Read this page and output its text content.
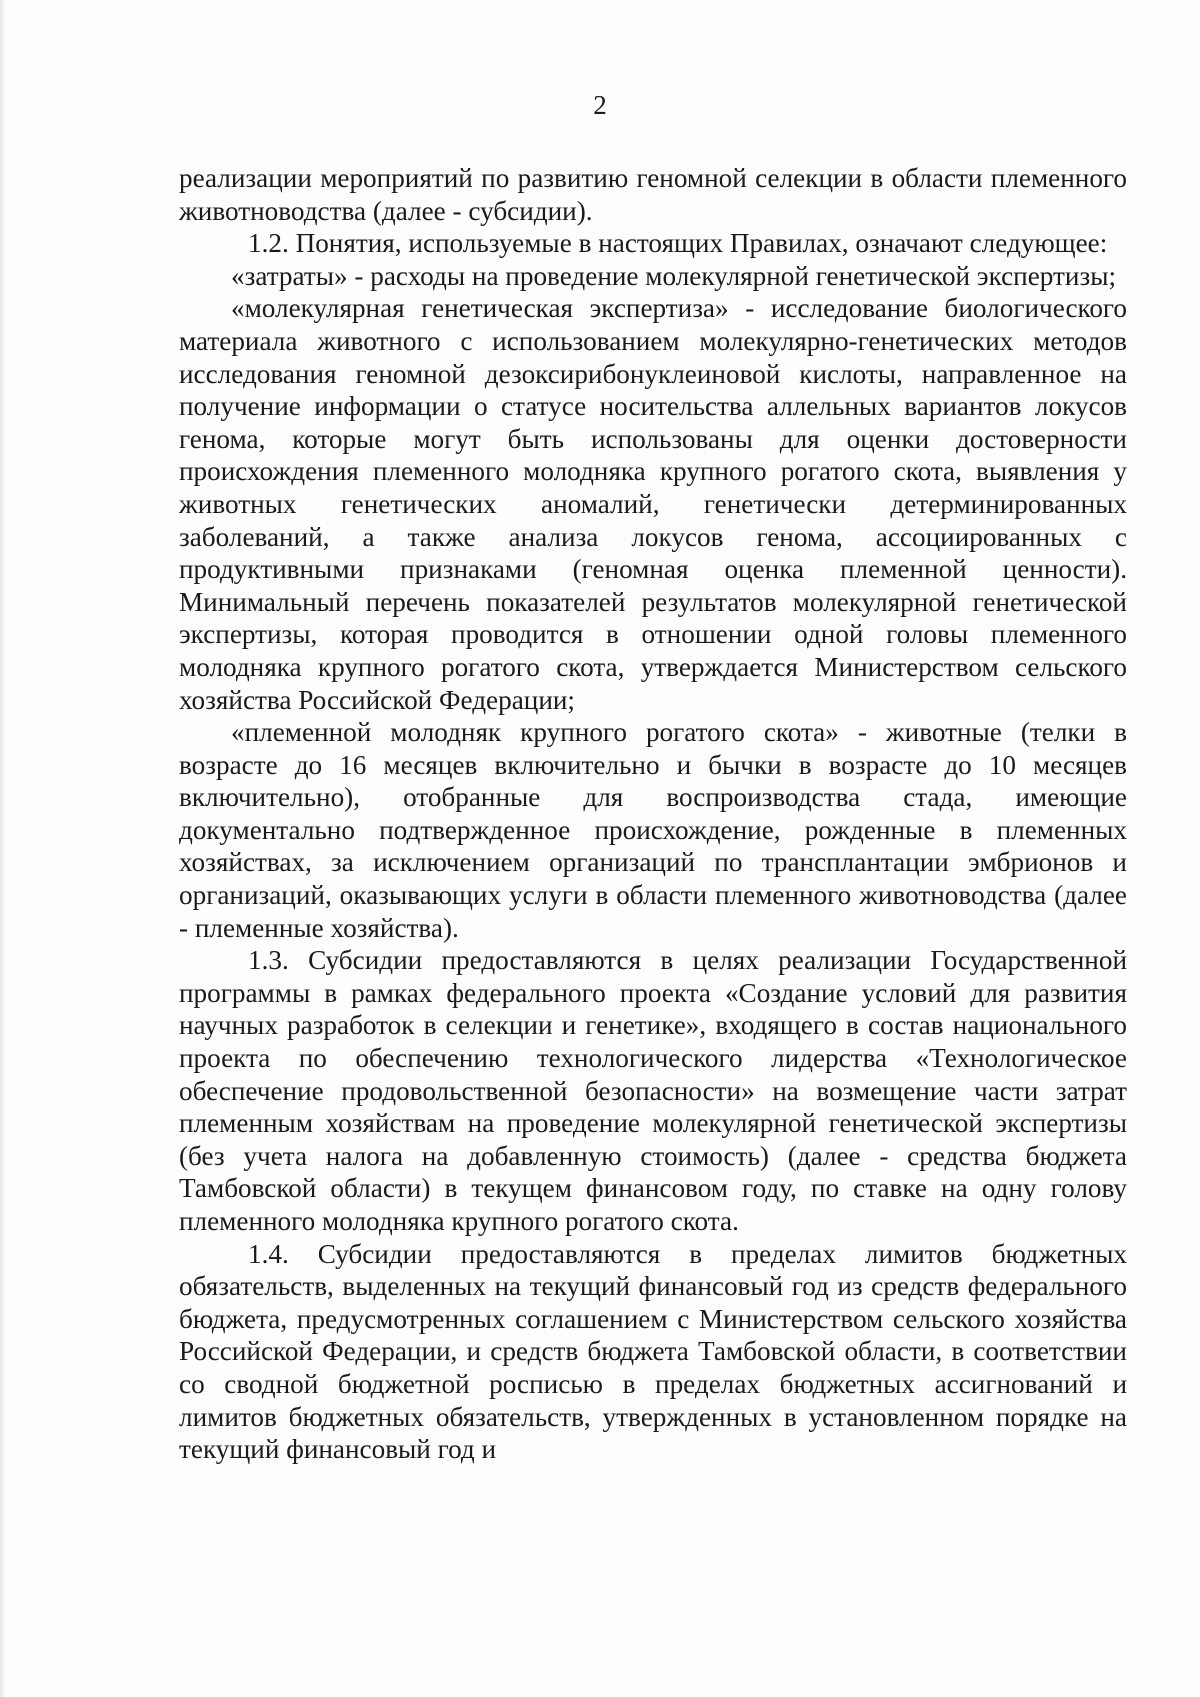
2

реализации мероприятий по развитию геномной селекции в области племенного животноводства (далее - субсидии).

1.2. Понятия, используемые в настоящих Правилах, означают следующее:

«затраты» - расходы на проведение молекулярной генетической экспертизы;

«молекулярная генетическая экспертиза» - исследование биологического материала животного с использованием молекулярно-генетических методов исследования геномной дезоксирибонуклеиновой кислоты, направленное на получение информации о статусе носительства аллельных вариантов локусов генома, которые могут быть использованы для оценки достоверности происхождения племенного молодняка крупного рогатого скота, выявления у животных генетических аномалий, генетически детерминированных заболеваний, а также анализа локусов генома, ассоциированных с продуктивными признаками (геномная оценка племенной ценности). Минимальный перечень показателей результатов молекулярной генетической экспертизы, которая проводится в отношении одной головы племенного молодняка крупного рогатого скота, утверждается Министерством сельского хозяйства Российской Федерации;

«племенной молодняк крупного рогатого скота» - животные (телки в возрасте до 16 месяцев включительно и бычки в возрасте до 10 месяцев включительно), отобранные для воспроизводства стада, имеющие документально подтвержденное происхождение, рожденные в племенных хозяйствах, за исключением организаций по трансплантации эмбрионов и организаций, оказывающих услуги в области племенного животноводства (далее - племенные хозяйства).

1.3. Субсидии предоставляются в целях реализации Государственной программы в рамках федерального проекта «Создание условий для развития научных разработок в селекции и генетике», входящего в состав национального проекта по обеспечению технологического лидерства «Технологическое обеспечение продовольственной безопасности» на возмещение части затрат племенным хозяйствам на проведение молекулярной генетической экспертизы (без учета налога на добавленную стоимость) (далее - средства бюджета Тамбовской области) в текущем финансовом году, по ставке на одну голову племенного молодняка крупного рогатого скота.

1.4. Субсидии предоставляются в пределах лимитов бюджетных обязательств, выделенных на текущий финансовый год из средств федерального бюджета, предусмотренных соглашением с Министерством сельского хозяйства Российской Федерации, и средств бюджета Тамбовской области, в соответствии со сводной бюджетной росписью в пределах бюджетных ассигнований и лимитов бюджетных обязательств, утвержденных в установленном порядке на текущий финансовый год и
